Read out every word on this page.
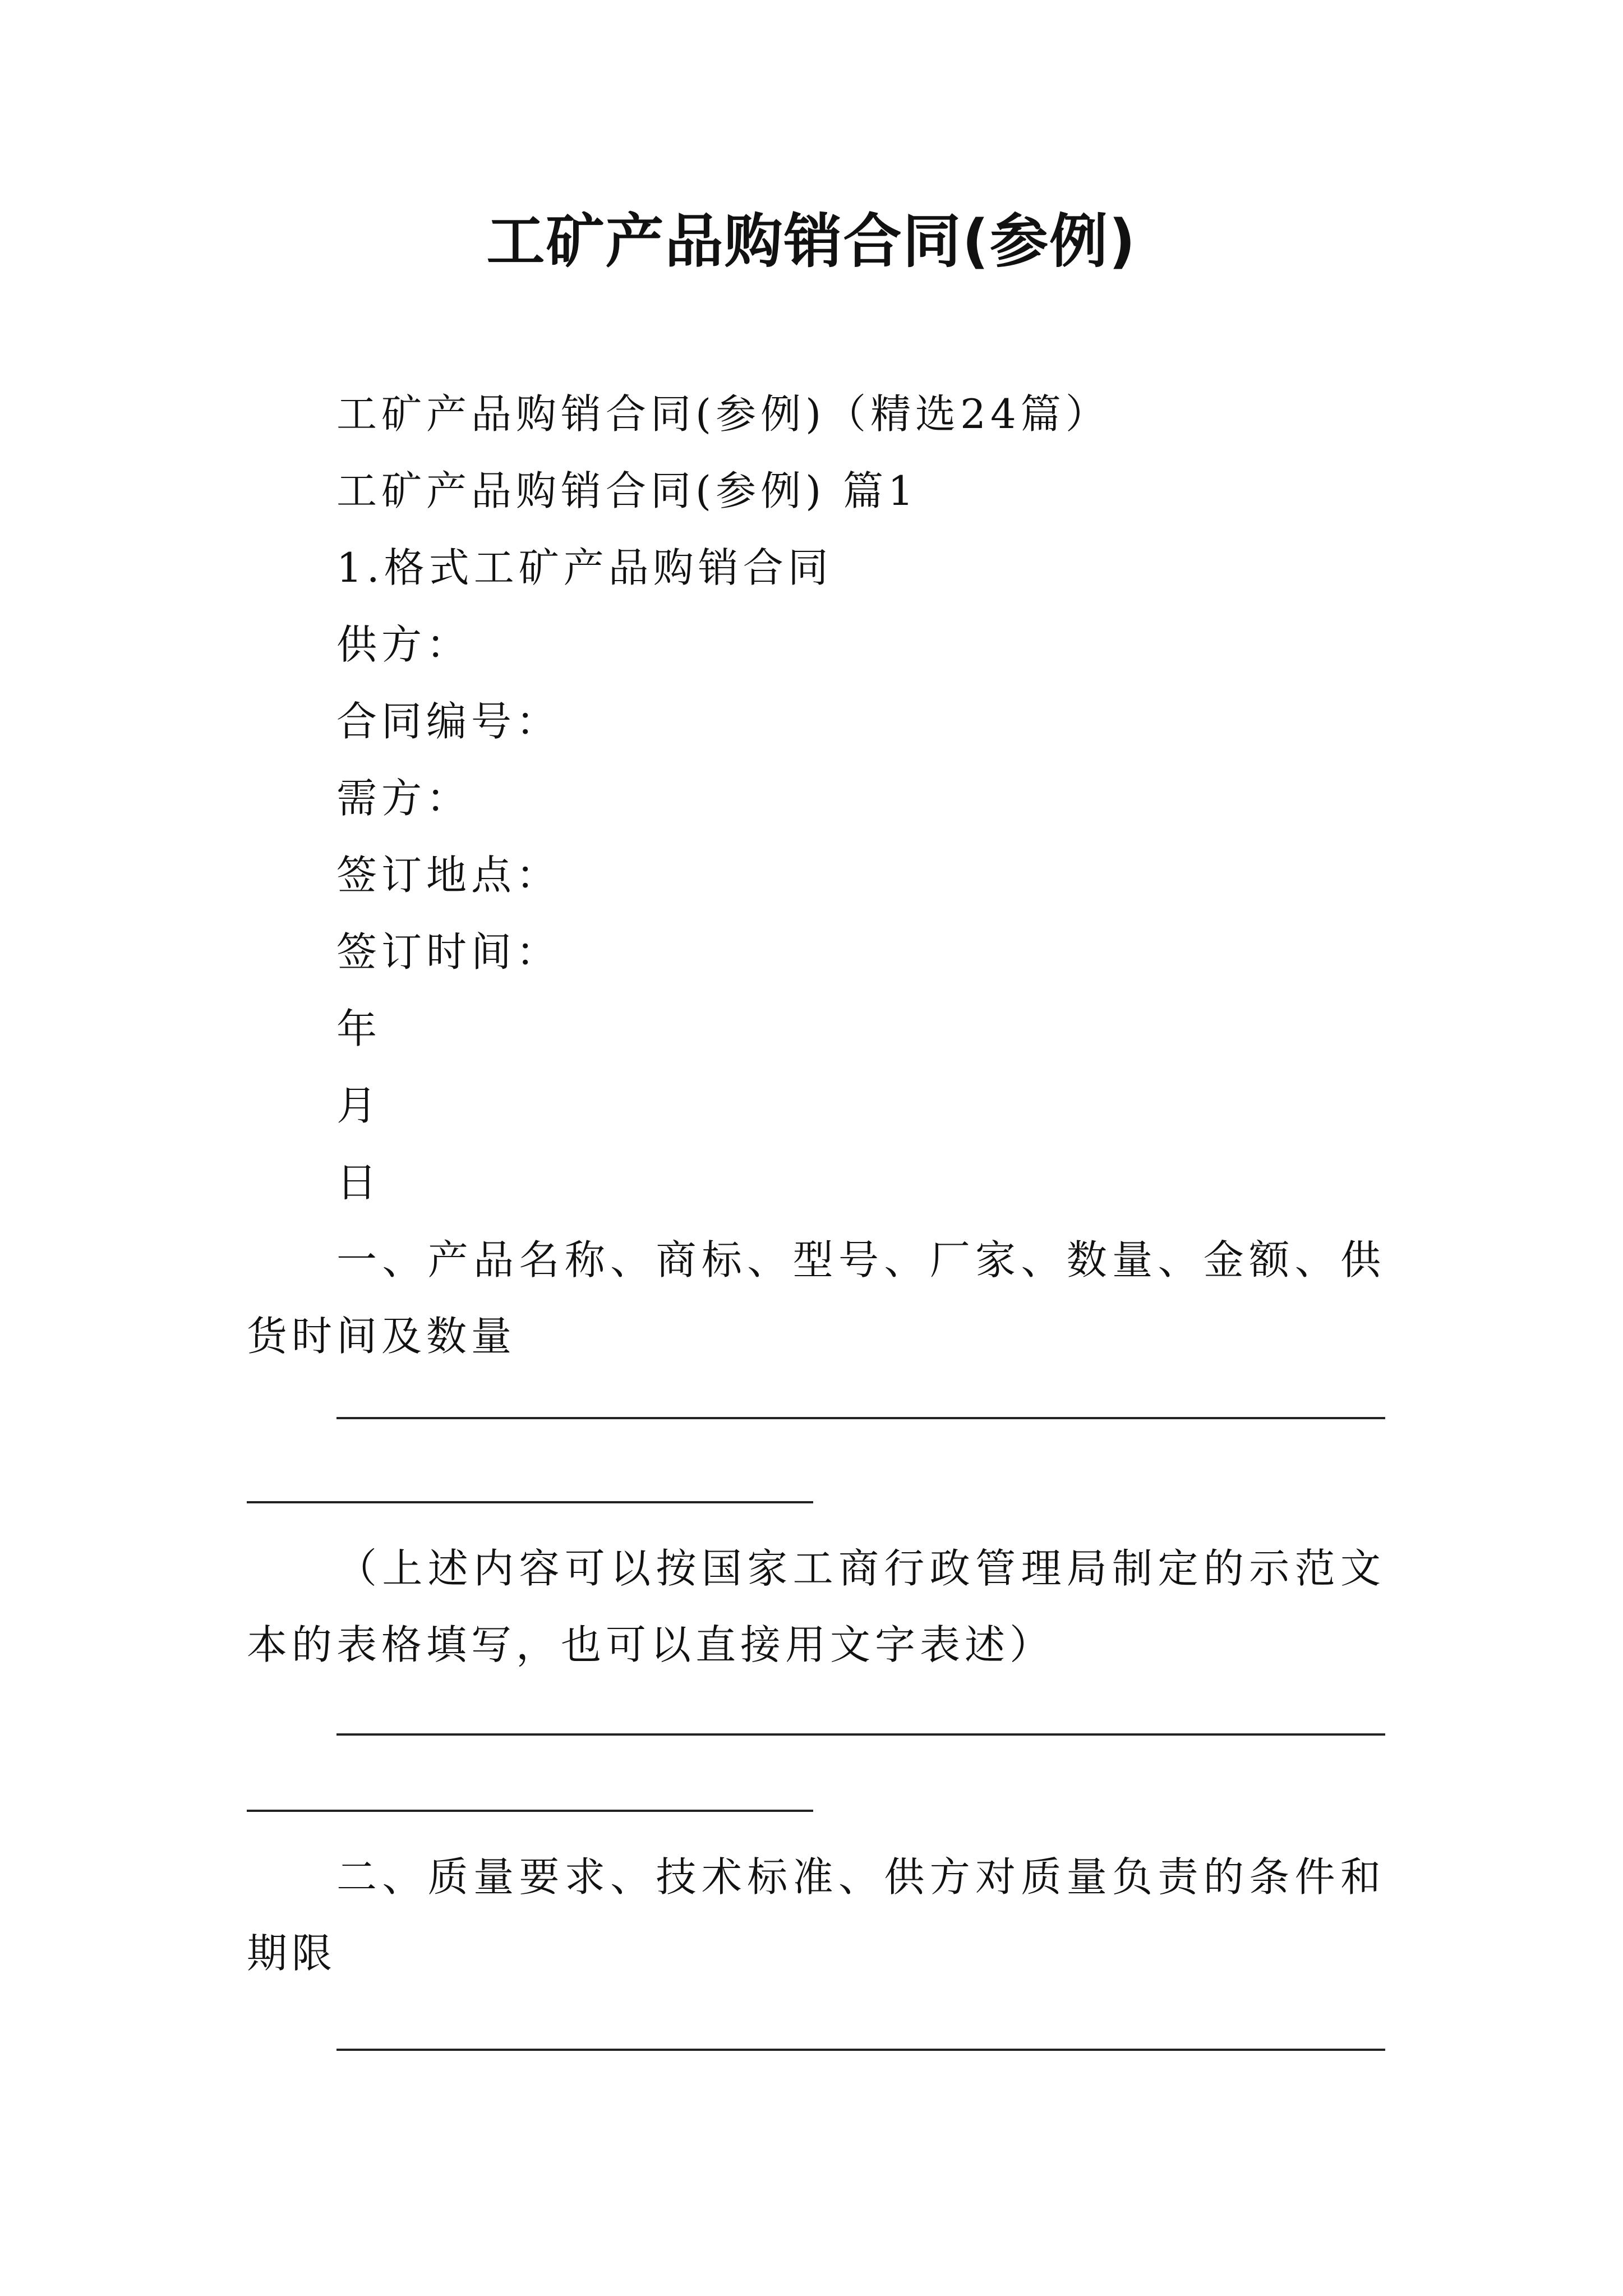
工矿产品购销合同(参例)
工矿产品购销合同(参例)（精选24篇）
工矿产品购销合同(参例) 篇1
1.格式工矿产品购销合同
供方：
合同编号：
需方：
签订地点：
签订时间：
年
月
日
一、产品名称、商标、型号、厂家、数量、金额、供货时间及数量
（上述内容可以按国家工商行政管理局制定的示范文本的表格填写，也可以直接用文字表述）
二、质量要求、技术标准、供方对质量负责的条件和期限
